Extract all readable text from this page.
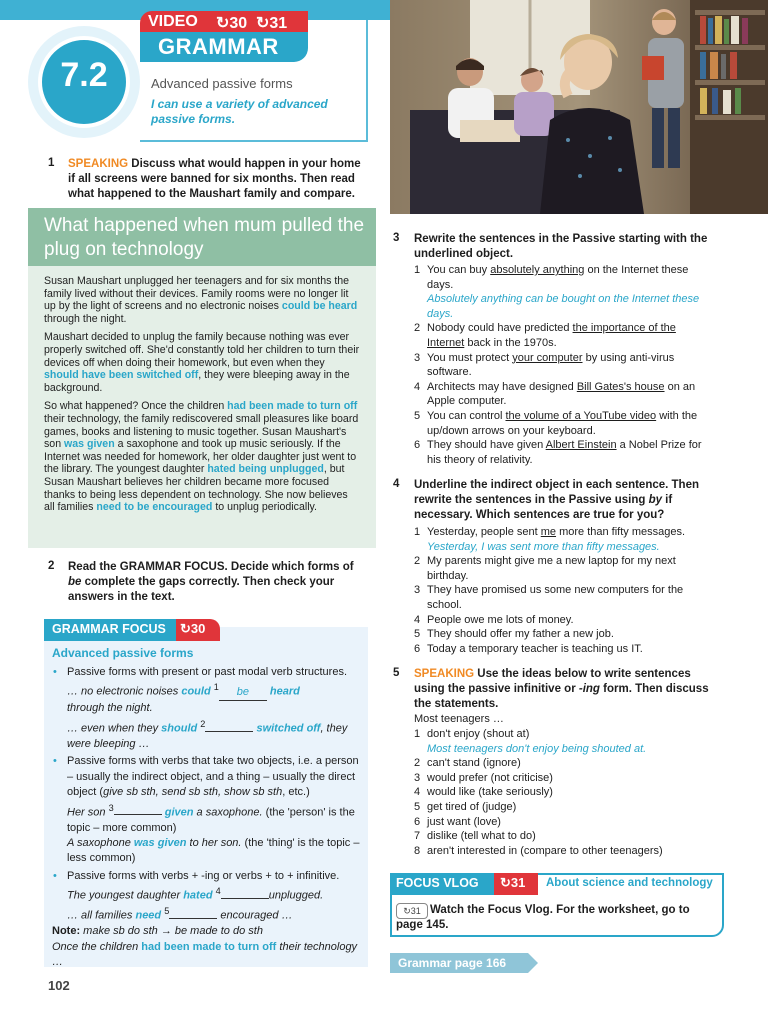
7.2
VIDEO ↻30 ↻31
GRAMMAR
Advanced passive forms
I can use a variety of advanced passive forms.
1 SPEAKING Discuss what would happen in your home if all screens were banned for six months. Then read what happened to the Maushart family and compare.
What happened when mum pulled the plug on technology

Susan Maushart unplugged her teenagers and for six months the family lived without their devices. Family rooms were no longer lit up by the light of screens and no electronic noises could be heard through the night.

Maushart decided to unplug the family because nothing was ever properly switched off. She'd constantly told her children to turn their devices off when doing their homework, but even when they should have been switched off, they were bleeping away in the background.

So what happened? Once the children had been made to turn off their technology, the family rediscovered small pleasures like board games, books and listening to music together. Susan Maushart's son was given a saxophone and took up music seriously. If the Internet was needed for homework, her older daughter just went to the library. The youngest daughter hated being unplugged, but Susan Maushart believes her children became more focused thanks to being less dependent on technology. She now believes all families need to be encouraged to unplug periodically.

2 Read the GRAMMAR FOCUS. Decide which forms of be complete the gaps correctly. Then check your answers in the text.
GRAMMAR FOCUS ↻30
Advanced passive forms
• Passive forms with present or past modal verb structures.
… no electronic noises could $^1$ be heard
through the night.
… even when they should $^2$	switched off, they were bleeping …
• Passive forms with verbs that take two objects, i.e. a person – usually the indirect object, and a thing – usually the direct object (give sb sth, send sb sth, show sb sth, etc.)
Her son $^3$	given a saxophone. (the 'person' is the topic – more common)
A saxophone was given to her son. (the 'thing' is the topic – less common)
• Passive forms with verbs + -ing or verbs + to + infinitive.
The youngest daughter hated $^4$	unplugged.
… all families need $^5$	encouraged …
Note: make sb do sth → be made to do sth
Once the children had been made to turn off their technology …
102
3 Rewrite the sentences in the Passive starting with the underlined object.
1 You can buy absolutely anything on the Internet these days.
Absolutely anything can be bought on the Internet these days.
2 Nobody could have predicted the importance of the Internet back in the 1970s.
3 You must protect your computer by using anti-virus software.
4 Architects may have designed Bill Gates's house on an Apple computer.
5 You can control the volume of a YouTube video with the up/down arrows on your keyboard.
6 They should have given Albert Einstein a Nobel Prize for his theory of relativity.
4 Underline the indirect object in each sentence. Then rewrite the sentences in the Passive using by if necessary. Which sentences are true for you?
1 Yesterday, people sent me more than fifty messages.
Yesterday, I was sent more than fifty messages.
2 My parents might give me a new laptop for my next birthday.
3 They have promised us some new computers for the school.
4 People owe me lots of money.
5 They should offer my father a new job.
6 Today a temporary teacher is teaching us IT.
5 SPEAKING Use the ideas below to write sentences using the passive infinitive or -ing form. Then discuss the statements.
Most teenagers …
1 don't enjoy (shout at)
Most teenagers don't enjoy being shouted at.
2 can't stand (ignore)
3 would prefer (not criticise)
4 would like (take seriously)
5 get tired of (judge)
6 just want (love)
7 dislike (tell what to do)
8 aren't interested in (compare to other teenagers)
FOCUS VLOG ↻31 About science and technology
Watch the Focus Vlog. For the worksheet, go to page 145.
↻31
Grammar page 166
